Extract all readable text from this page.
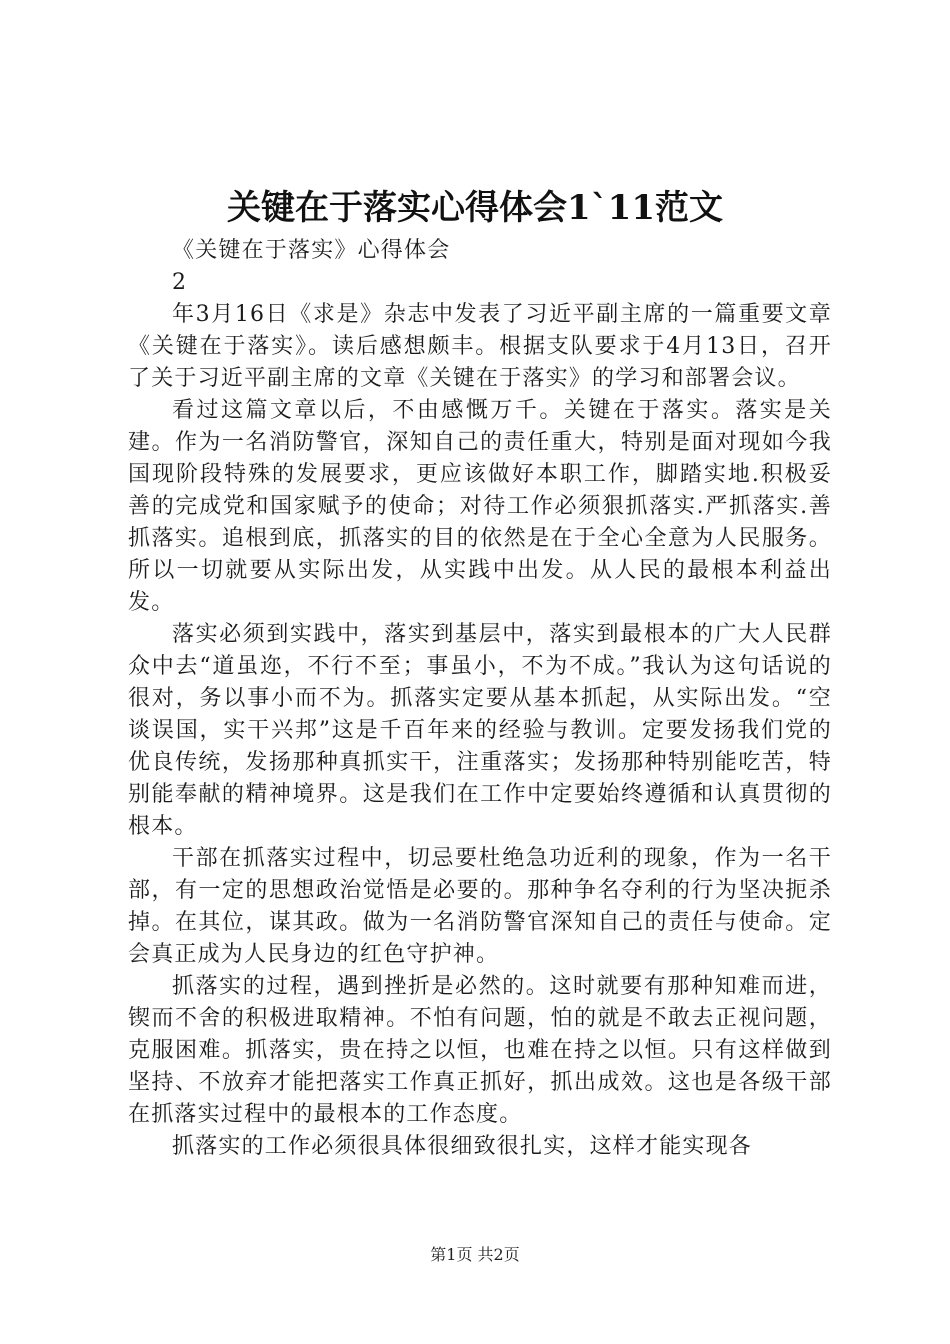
关键在于落实心得体会1`11范文

《关键在于落实》心得体会

2

年3月16日《求是》杂志中发表了习近平副主席的一篇重要文章《关键在于落实》。读后感想颇丰。根据支队要求于4月13日，召开了关于习近平副主席的文章《关键在于落实》的学习和部署会议。

看过这篇文章以后，不由感慨万千。关键在于落实。落实是关建。作为一名消防警官，深知自己的责任重大，特别是面对现如今我国现阶段特殊的发展要求，更应该做好本职工作，脚踏实地.积极妥善的完成党和国家赋予的使命；对待工作必须狠抓落实.严抓落实.善抓落实。追根到底，抓落实的目的依然是在于全心全意为人民服务。所以一切就要从实际出发，从实践中出发。从人民的最根本利益出发。

落实必须到实践中，落实到基层中，落实到最根本的广大人民群众中去“道虽迩，不行不至；事虽小，不为不成。”我认为这句话说的很对，务以事小而不为。抓落实定要从基本抓起，从实际出发。“空谈误国，实干兴邦”这是千百年来的经验与教训。定要发扬我们党的优良传统，发扬那种真抓实干，注重落实；发扬那种特别能吃苦，特别能奉献的精神境界。这是我们在工作中定要始终遵循和认真贯彻的根本。

干部在抓落实过程中，切忌要杜绝急功近利的现象，作为一名干部，有一定的思想政治觉悟是必要的。那种争名夺利的行为坚决扼杀掉。在其位，谋其政。做为一名消防警官深知自己的责任与使命。定会真正成为人民身边的红色守护神。

抓落实的过程，遇到挫折是必然的。这时就要有那种知难而进，锲而不舍的积极进取精神。不怕有问题，怕的就是不敢去正视问题，克服困难。抓落实，贵在持之以恒，也难在持之以恒。只有这样做到坚持、不放弃才能把落实工作真正抓好，抓出成效。这也是各级干部在抓落实过程中的最根本的工作态度。

抓落实的工作必须很具体很细致很扎实，这样才能实现各

第1页 共2页
